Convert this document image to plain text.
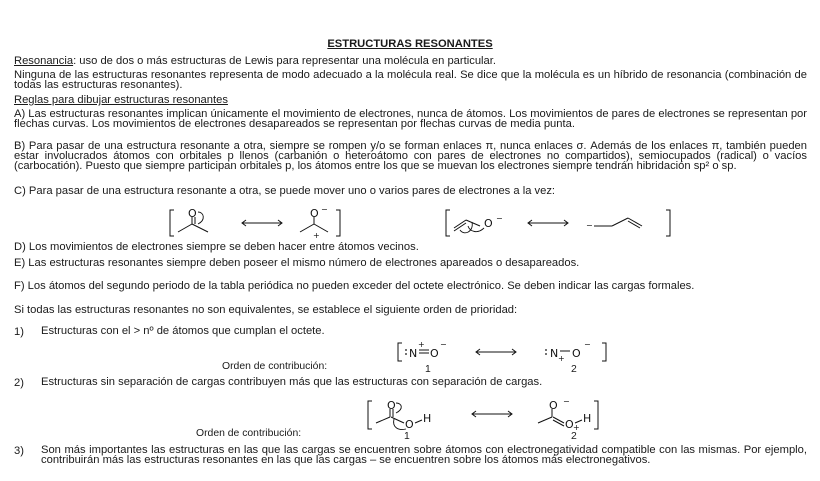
ESTRUCTURAS RESONANTES
Resonancia: uso de dos o más estructuras de Lewis para representar una molécula en particular.
Ninguna de las estructuras resonantes representa de modo adecuado a la molécula real. Se dice que la molécula es un híbrido de resonancia (combinación de todas las estructuras resonantes).
Reglas para dibujar estructuras resonantes
A) Las estructuras resonantes implican únicamente el movimiento de electrones, nunca de átomos. Los movimientos de pares de electrones se representan por flechas curvas. Los movimientos de electrones desapareados se representan por flechas curvas de media punta.
B) Para pasar de una estructura resonante a otra, siempre se rompen y/o se forman enlaces π, nunca enlaces σ. Además de los enlaces π, también pueden estar involucrados átomos con orbitales p llenos (carbanión o heteroátomo con pares de electrones no compartidos), semiocupados (radical) o vacíos (carbocatión). Puesto que siempre participan orbitales p, los átomos entre los que se muevan los electrones siempre tendrán hibridación sp² o sp.
C) Para pasar de una estructura resonante a otra, se puede mover uno o varios pares de electrones a la vez:
O	O −
+
O −
−
D) Los movimientos de electrones siempre se deben hacer entre átomos vecinos.
E) Las estructuras resonantes siempre deben poseer el mismo número de electrones apareados o desapareados.
F) Los átomos del segundo periodo de la tabla periódica no pueden exceder del octete electrónico. Se deben indicar las cargas formales.
Si todas las estructuras resonantes no son equivalentes, se establece el siguiente orden de prioridad:
1) Estructuras con el > nº de átomos que cumplan el octete.
N O
+ −
N O
+
−
Orden de contribución:	1	2
2) Estructuras sin separación de cargas contribuyen más que las estructuras con separación de cargas.
O
O H
O −
O +
H
Orden de contribución:	1	2
3) Son más importantes las estructuras en las que las cargas se encuentren sobre átomos con electronegatividad compatible con las mismas. Por ejemplo, contribuirán más las estructuras resonantes en las que las cargas – se encuentren sobre los átomos más electronegativos.
